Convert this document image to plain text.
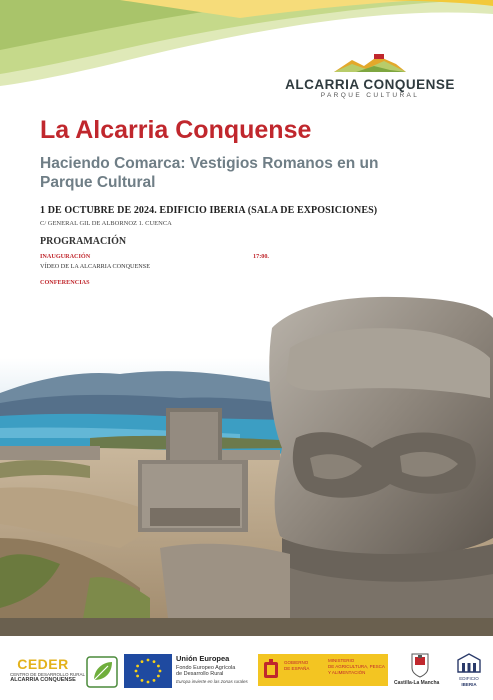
ALCARRIA CONQUENSE
PARQUE CULTURAL
La Alcarria Conquense
Haciendo Comarca: Vestigios Romanos en un Parque Cultural
1 DE OCTUBRE DE 2024. EDIFICIO IBERIA (SALA DE EXPOSICIONES)
C/ GENERAL GIL DE ALBORNOZ 1. CUENCA
PROGRAMACIÓN
INAUGURACIÓN	17:00.
VÍDEO DE LA ALCARRIA CONQUENSE
CONFERENCIAS
CEDER
CENTRO DE DESARROLLO RURAL
ALCARRIA CONQUENSE
Unión Europea
Fondo Europeo Agrícola
de Desarrollo Rural
Europa invierte en las zonas rurales
GOBIERNO
DE ESPAÑA
MINISTERIO
DE AGRICULTURA, PESCA
Y ALIMENTACIÓN
Castilla-La Mancha
EDIFICIO
IBERIA
